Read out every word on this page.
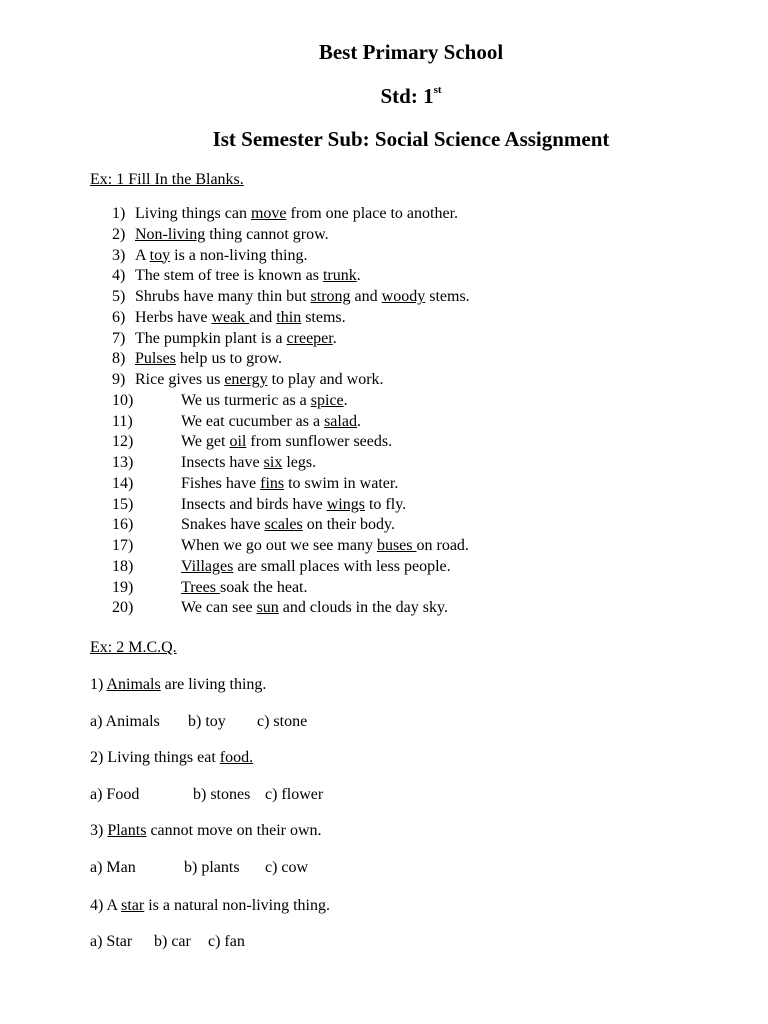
Best Primary School
Std: 1st
Ist Semester Sub: Social Science Assignment
Ex: 1 Fill In the Blanks.
1) Living things can move from one place to another.
2) Non-living thing cannot grow.
3) A toy is a non-living thing.
4) The stem of tree is known as trunk.
5) Shrubs have many thin but strong and woody stems.
6) Herbs have weak and thin stems.
7) The pumpkin plant is a creeper.
8) Pulses help us to grow.
9) Rice gives us energy to play and work.
10)	We us turmeric as a spice.
11)	We eat cucumber as a salad.
12)	We get oil from sunflower seeds.
13)	Insects have six legs.
14)	Fishes have fins to swim in water.
15)	Insects and birds have wings to fly.
16)	Snakes have scales on their body.
17)	When we go out we see many buses on road.
18)	Villages are small places with less people.
19)	Trees soak the heat.
20)	We can see sun and clouds in the day sky.
Ex: 2 M.C.Q.
1) Animals are living thing.
a) Animals b) toy c) stone
2) Living things eat food.
a) Food	b) stones c) flower
3) Plants cannot move on their own.
a) Man	b) plants c) cow
4) A star is a natural non-living thing.
a) Star b) car c) fan
